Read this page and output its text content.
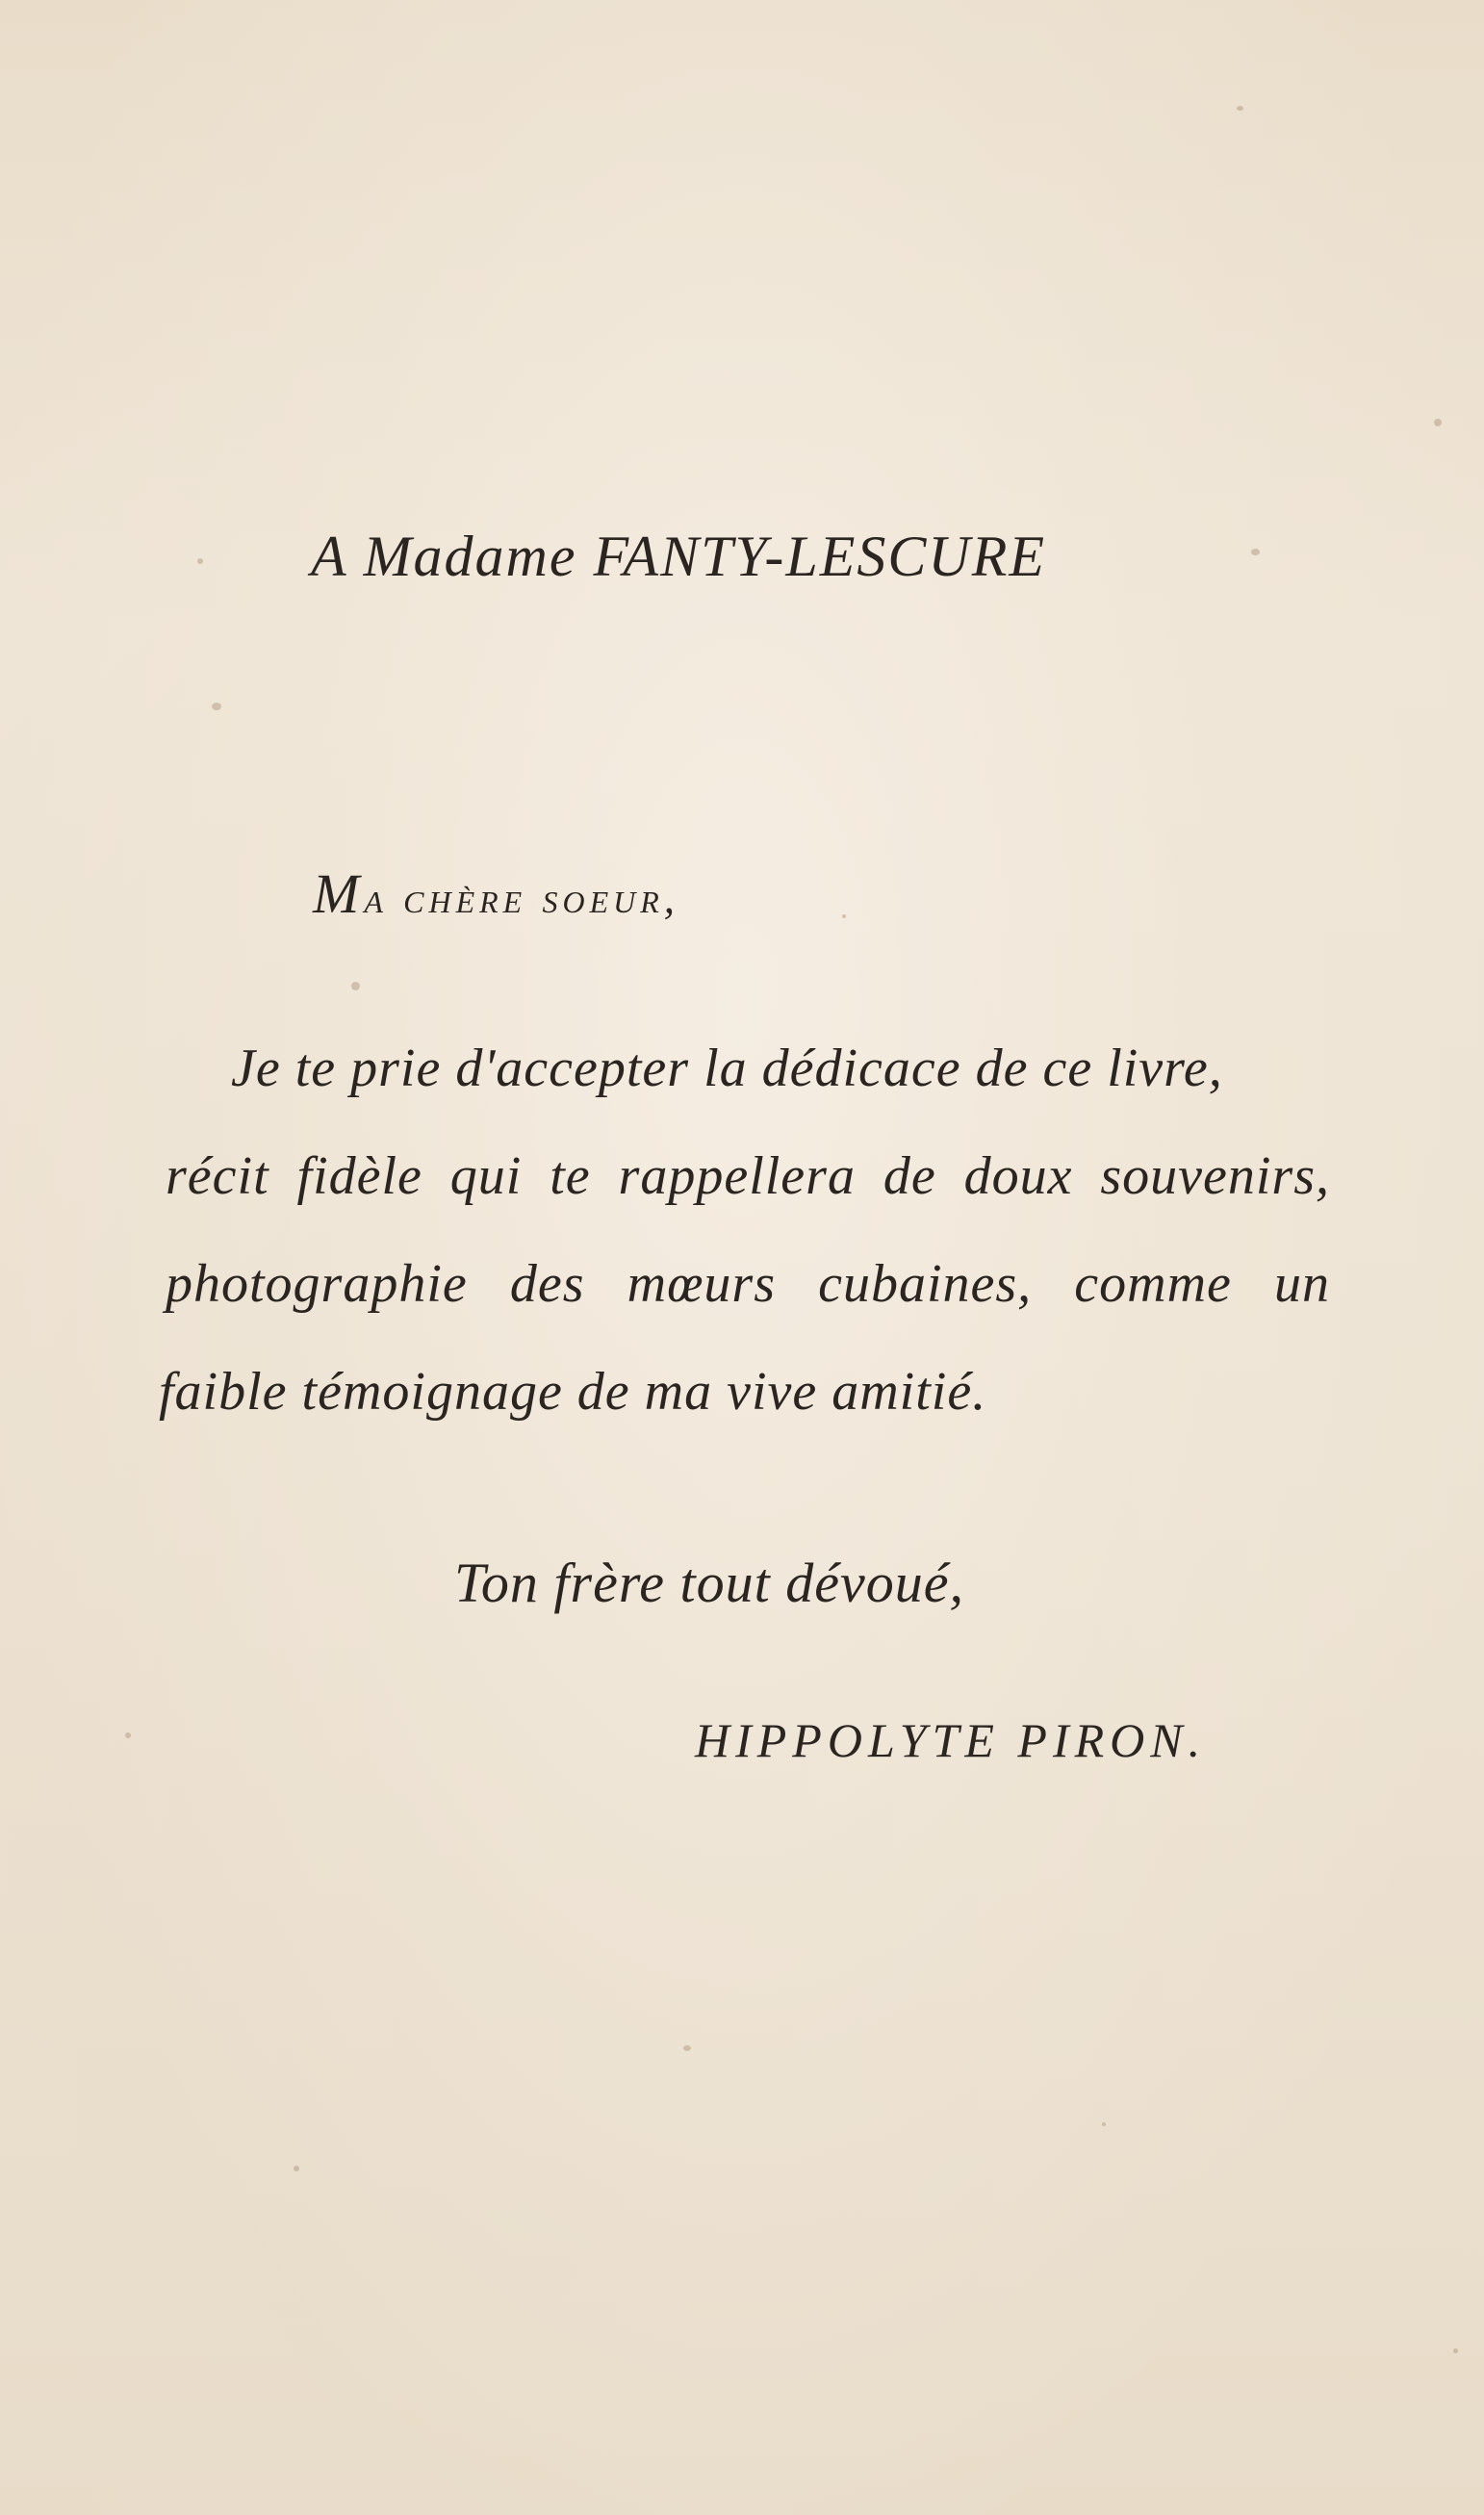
A Madame FANTY-LESCURE

Ma chère soeur,

Je te prie d'accepter la dédicace de ce livre,

récit fidèle qui te rappellera de doux souvenirs,

photographie des mœurs cubaines, comme un

faible témoignage de ma vive amitié.

Ton frère tout dévoué,

HIPPOLYTE PIRON.
